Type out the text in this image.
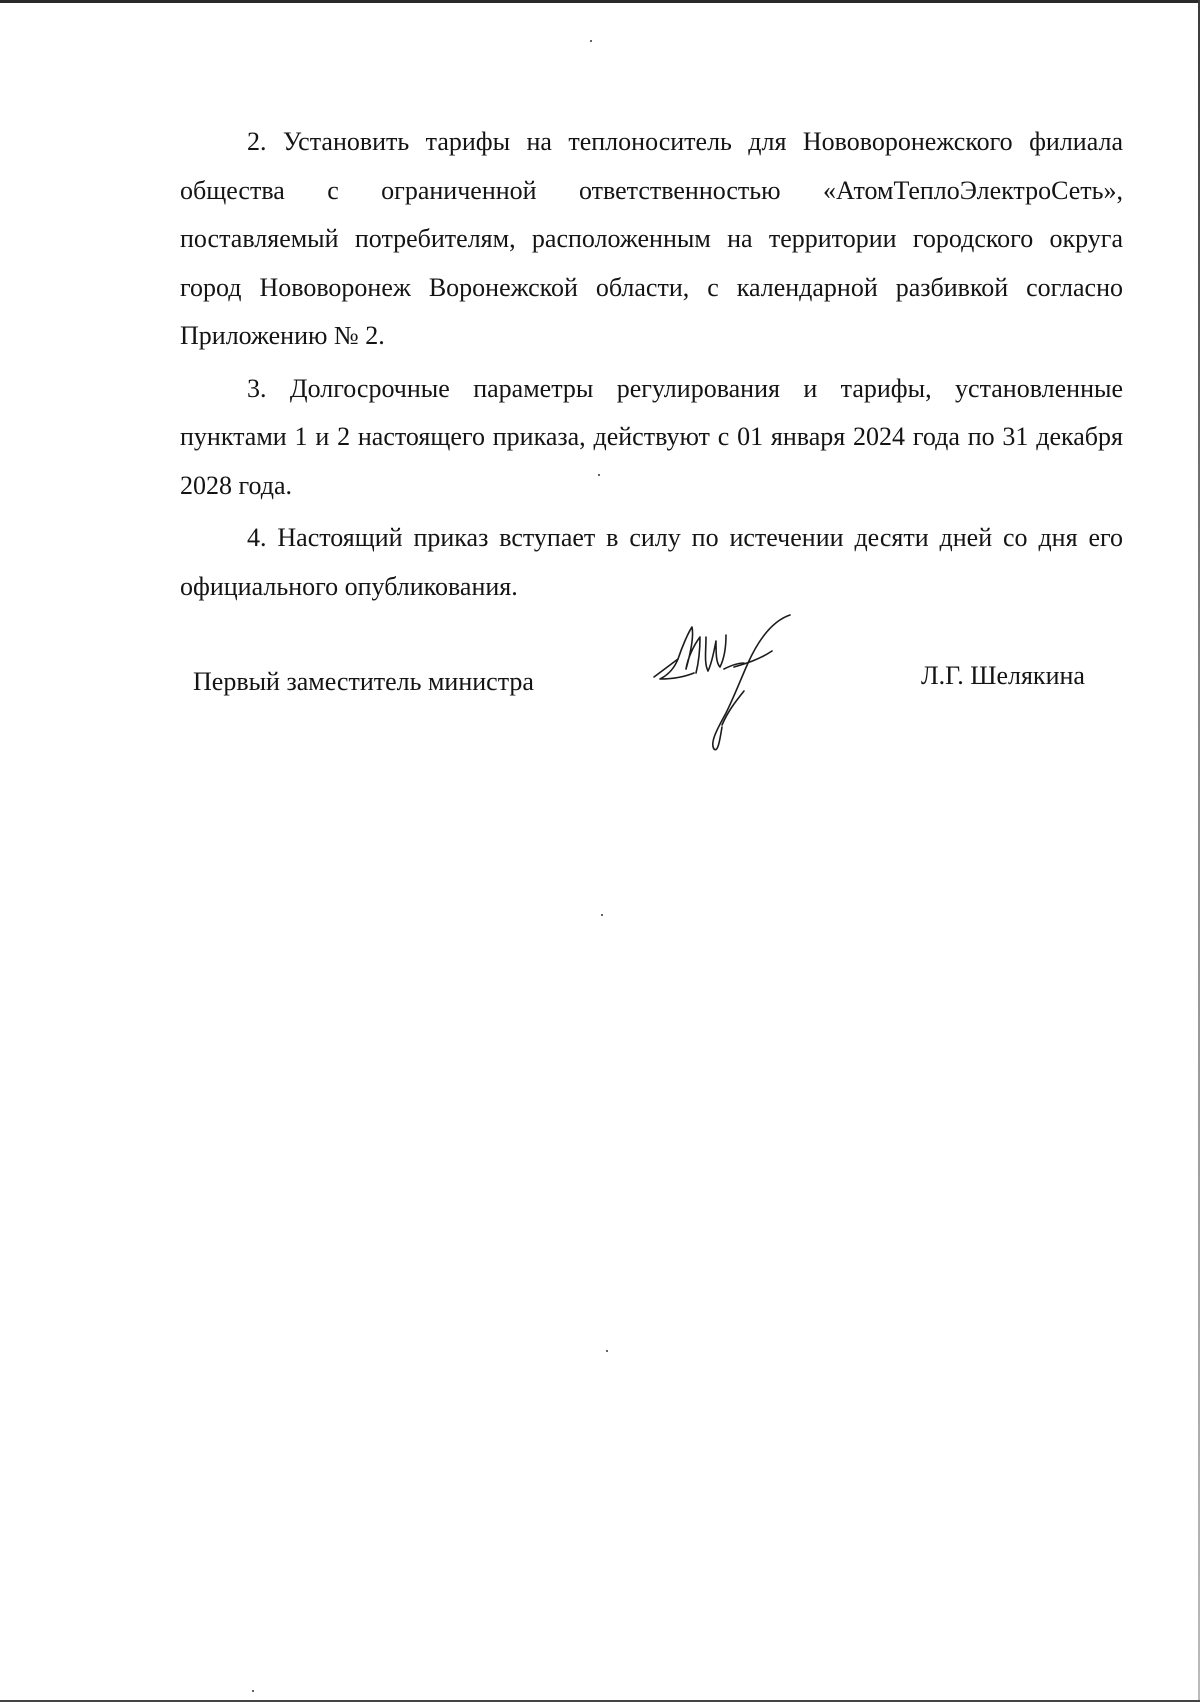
2. Установить тарифы на теплоноситель для Нововоронежского филиала общества с ограниченной ответственностью «АтомТеплоЭлектроСеть», поставляемый потребителям, расположенным на территории городского округа город Нововоронеж Воронежской области, с календарной разбивкой согласно Приложению № 2.

3. Долгосрочные параметры регулирования и тарифы, установленные пунктами 1 и 2 настоящего приказа, действуют с 01 января 2024 года по 31 декабря 2028 года.

4. Настоящий приказ вступает в силу по истечении десяти дней со дня его официального опубликования.

Первый заместитель министра	Л.Г. Шелякина
